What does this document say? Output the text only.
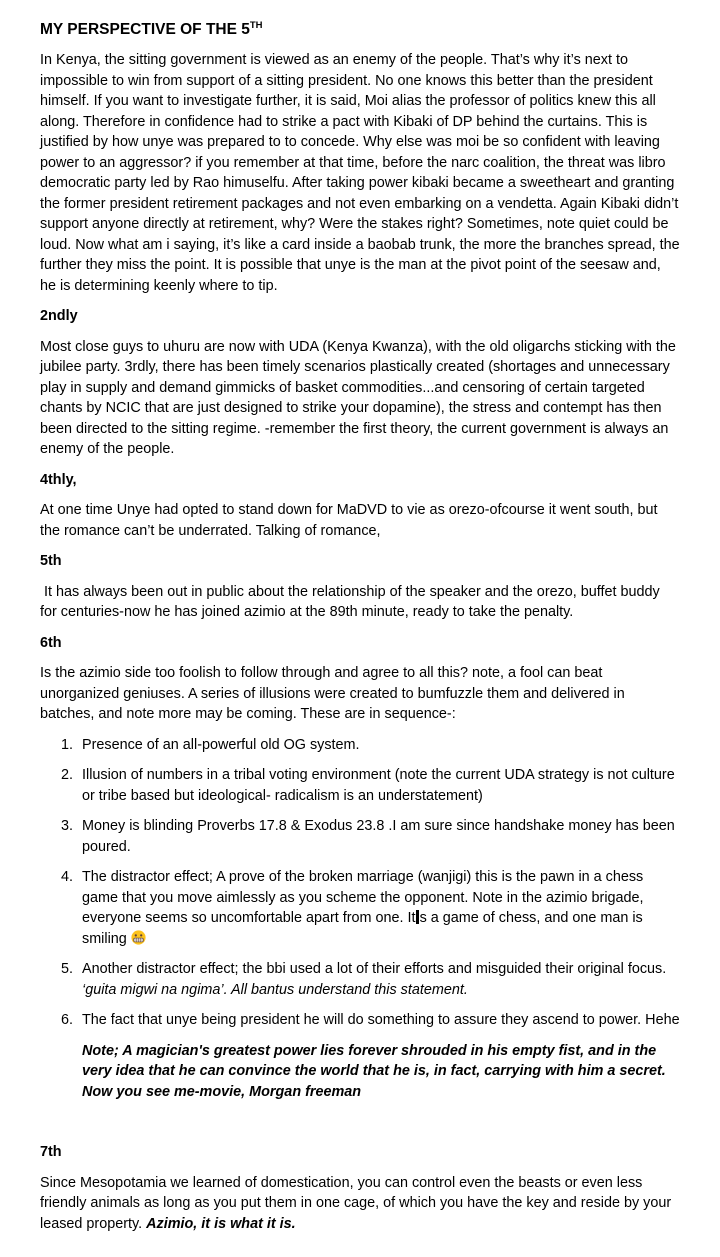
MY PERSPECTIVE OF THE 5TH

In Kenya, the sitting government is viewed as an enemy of the people. That’s why it’s next to impossible to win from support of a sitting president. No one knows this better than the president himself. If you want to investigate further, it is said, Moi alias the professor of politics knew this all along. Therefore in confidence had to strike a pact with Kibaki of DP behind the curtains. This is justified by how unye was prepared to to concede. Why else was moi be so confident with leaving power to an aggressor? if you remember at that time, before the narc coalition, the threat was libro democratic party led by Rao himuselfu. After taking power kibaki became a sweetheart and granting the former president retirement packages and not even embarking on a vendetta. Again Kibaki didn’t support anyone directly at retirement, why? Were the stakes right? Sometimes, note quiet could be loud. Now what am i saying, it’s like a card inside a baobab trunk, the more the branches spread, the further they miss the point. It is possible that unye is the man at the pivot point of the seesaw and, he is determining keenly where to tip.

2ndly

Most close guys to uhuru are now with UDA (Kenya Kwanza), with the old oligarchs sticking with the jubilee party. 3rdly, there has been timely scenarios plastically created (shortages and unnecessary play in supply and demand gimmicks of basket commodities...and censoring of certain targeted chants by NCIC that are just designed to strike your dopamine), the stress and contempt has then been directed to the sitting regime. -remember the first theory, the current government is always an enemy of the people.

4thly,

At one time Unye had opted to stand down for MaDVD to vie as orezo-ofcourse it went south, but the romance can’t be underrated. Talking of romance,

5th

It has always been out in public about the relationship of the speaker and the orezo, buffet buddy for centuries-now he has joined azimio at the 89th minute, ready to take the penalty.

6th

Is the azimio side too foolish to follow through and agree to all this? note, a fool can beat unorganized geniuses. A series of illusions were created to bumfuzzle them and delivered in batches, and note more may be coming. These are in sequence-:

Presence of an all-powerful old OG system.
Illusion of numbers in a tribal voting environment (note the current UDA strategy is not culture or tribe based but ideological- radicalism is an understatement)
Money is blinding Proverbs 17.8 & Exodus 23.8 .I am sure since handshake money has been poured.
The distractor effect; A prove of the broken marriage (wanjigi) this is the pawn in a chess game that you move aimlessly as you scheme the opponent. Note in the azimio brigade, everyone seems so uncomfortable apart from one. It s a game of chess, and one man is smiling
Another distractor effect; the bbi used a lot of their efforts and misguided their original focus. ‘guita migwi na ngima’. All bantus understand this statement.
The fact that unye being president he will do something to assure they ascend to power. Hehe

Note; A magician's greatest power lies forever shrouded in his empty fist, and in the very idea that he can convince the world that he is, in fact, carrying with him a secret. Now you see me-movie, Morgan freeman

7th

Since Mesopotamia we learned of domestication, you can control even the beasts or even less friendly animals as long as you put them in one cage, of which you have the key and reside by your leased property. Azimio, it is what it is.
